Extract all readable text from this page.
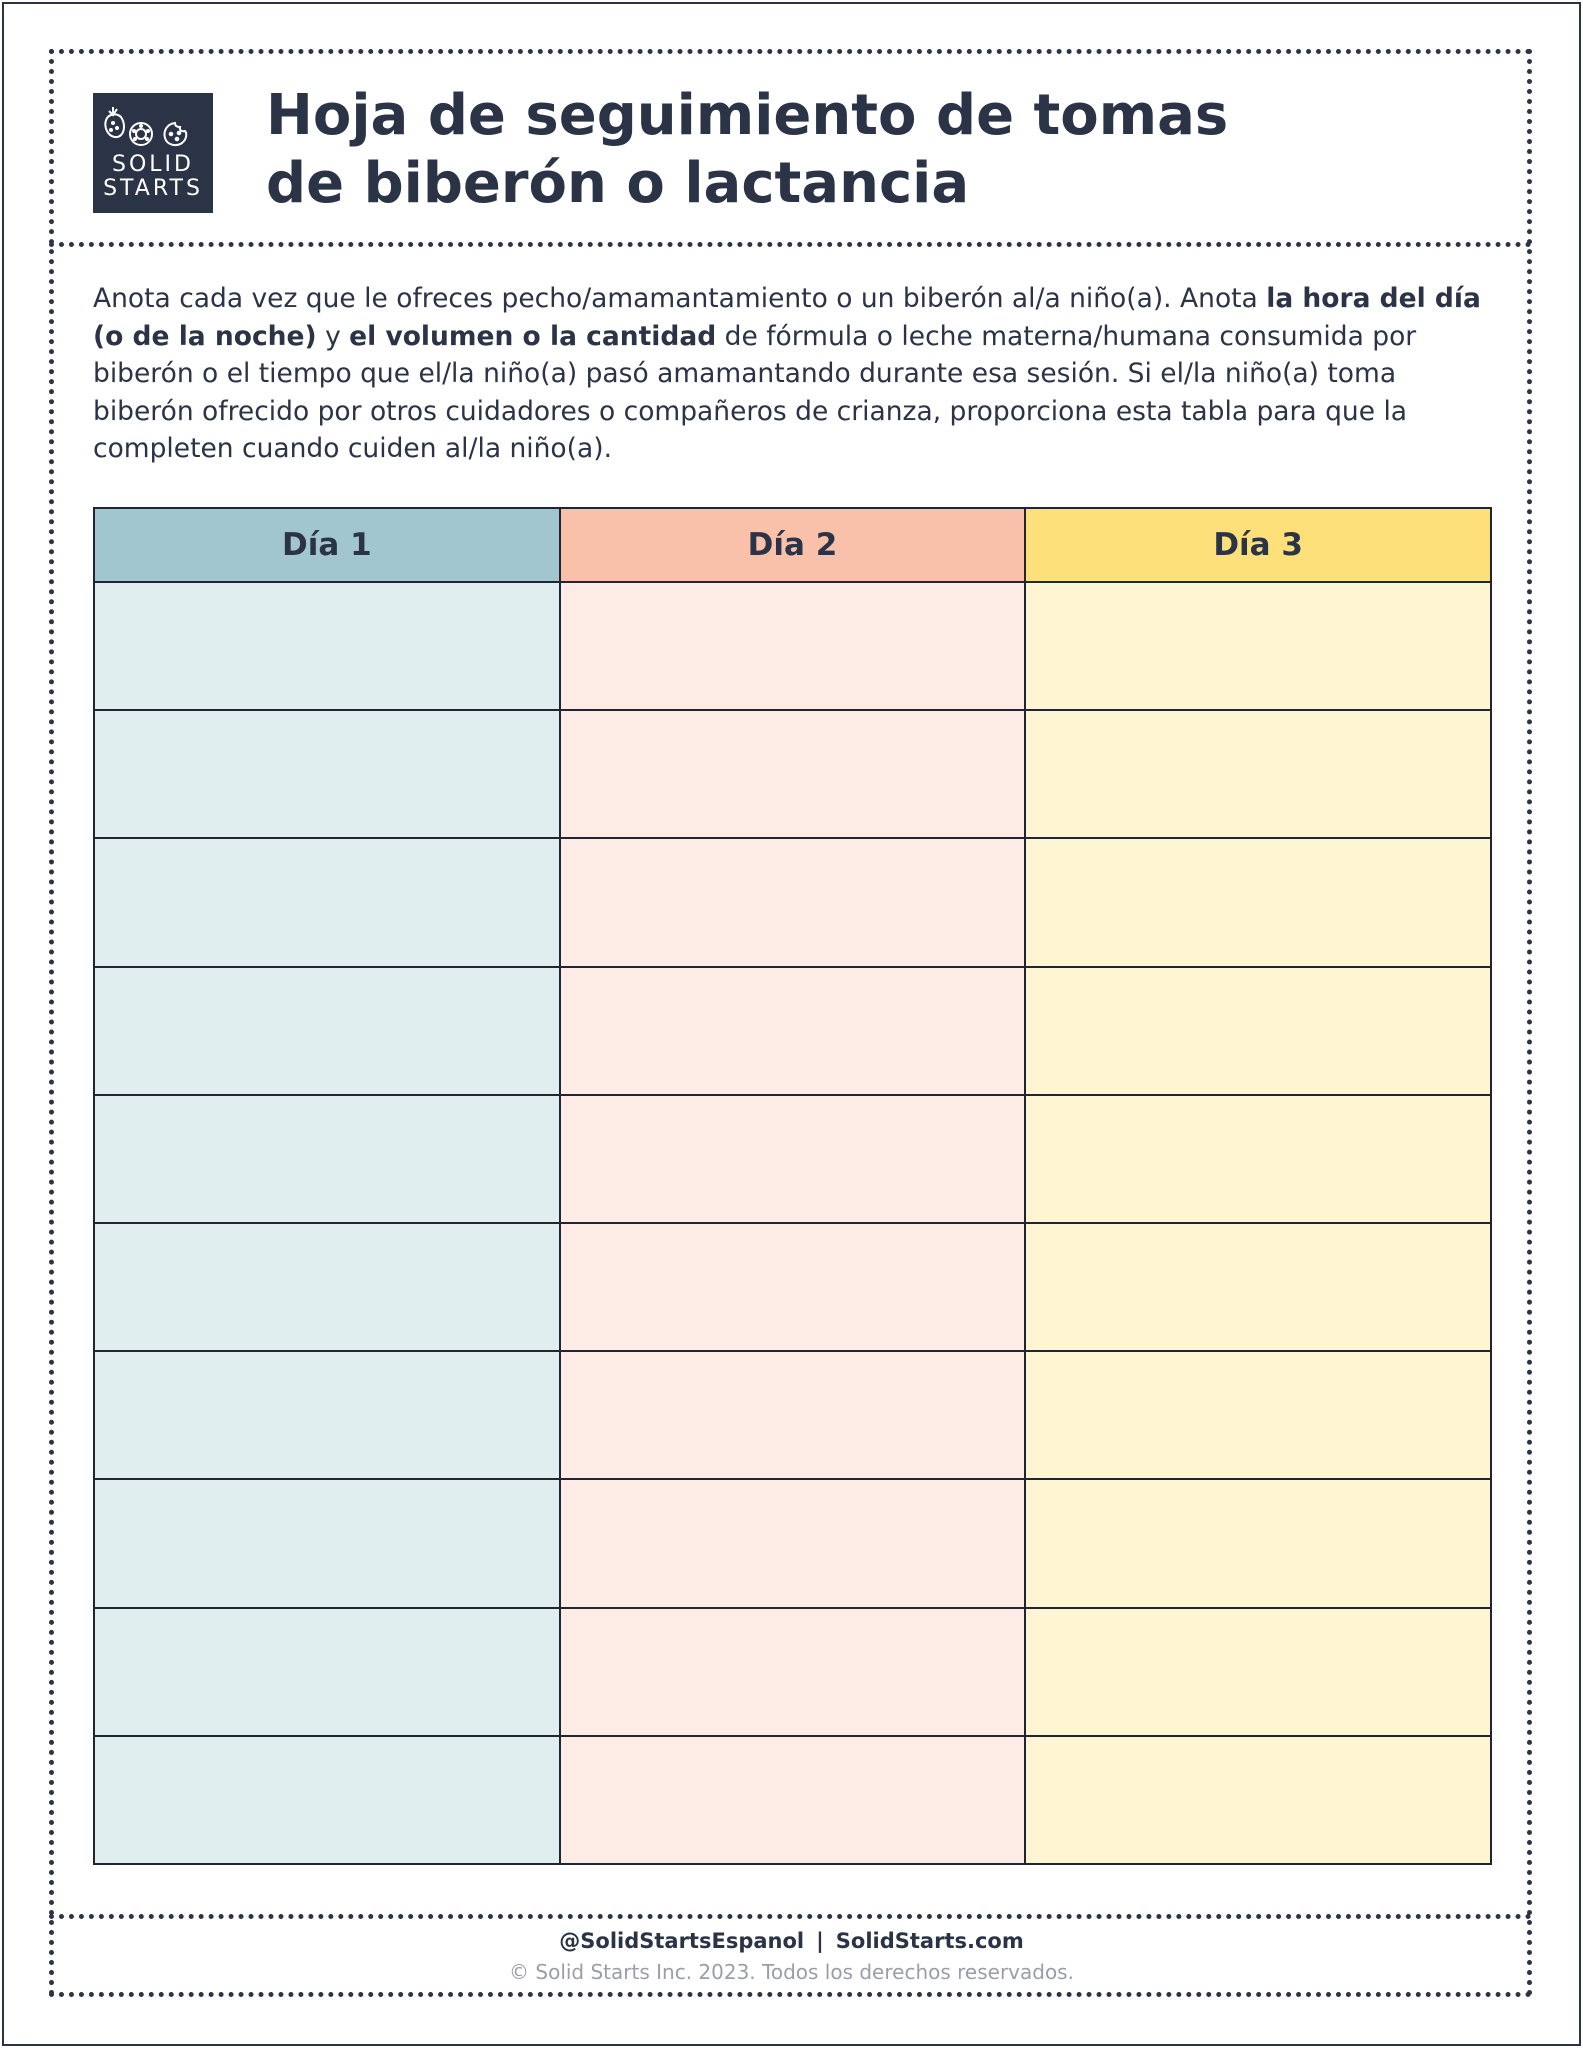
SOLID
STARTS
Hoja de seguimiento de tomas
de biberón o lactancia

Anota cada vez que le ofreces pecho/amamantamiento o un biberón al/a niño(a). Anota la hora del día (o de la noche) y el volumen o la cantidad de fórmula o leche materna/humana consumida por biberón o el tiempo que el/la niño(a) pasó amamantando durante esa sesión. Si el/la niño(a) toma biberón ofrecido por otros cuidadores o compañeros de crianza, proporciona esta tabla para que la completen cuando cuiden al/la niño(a).

Día 1	Día 2	Día 3

@SolidStartsEspanol | SolidStarts.com
© Solid Starts Inc. 2023. Todos los derechos reservados.
